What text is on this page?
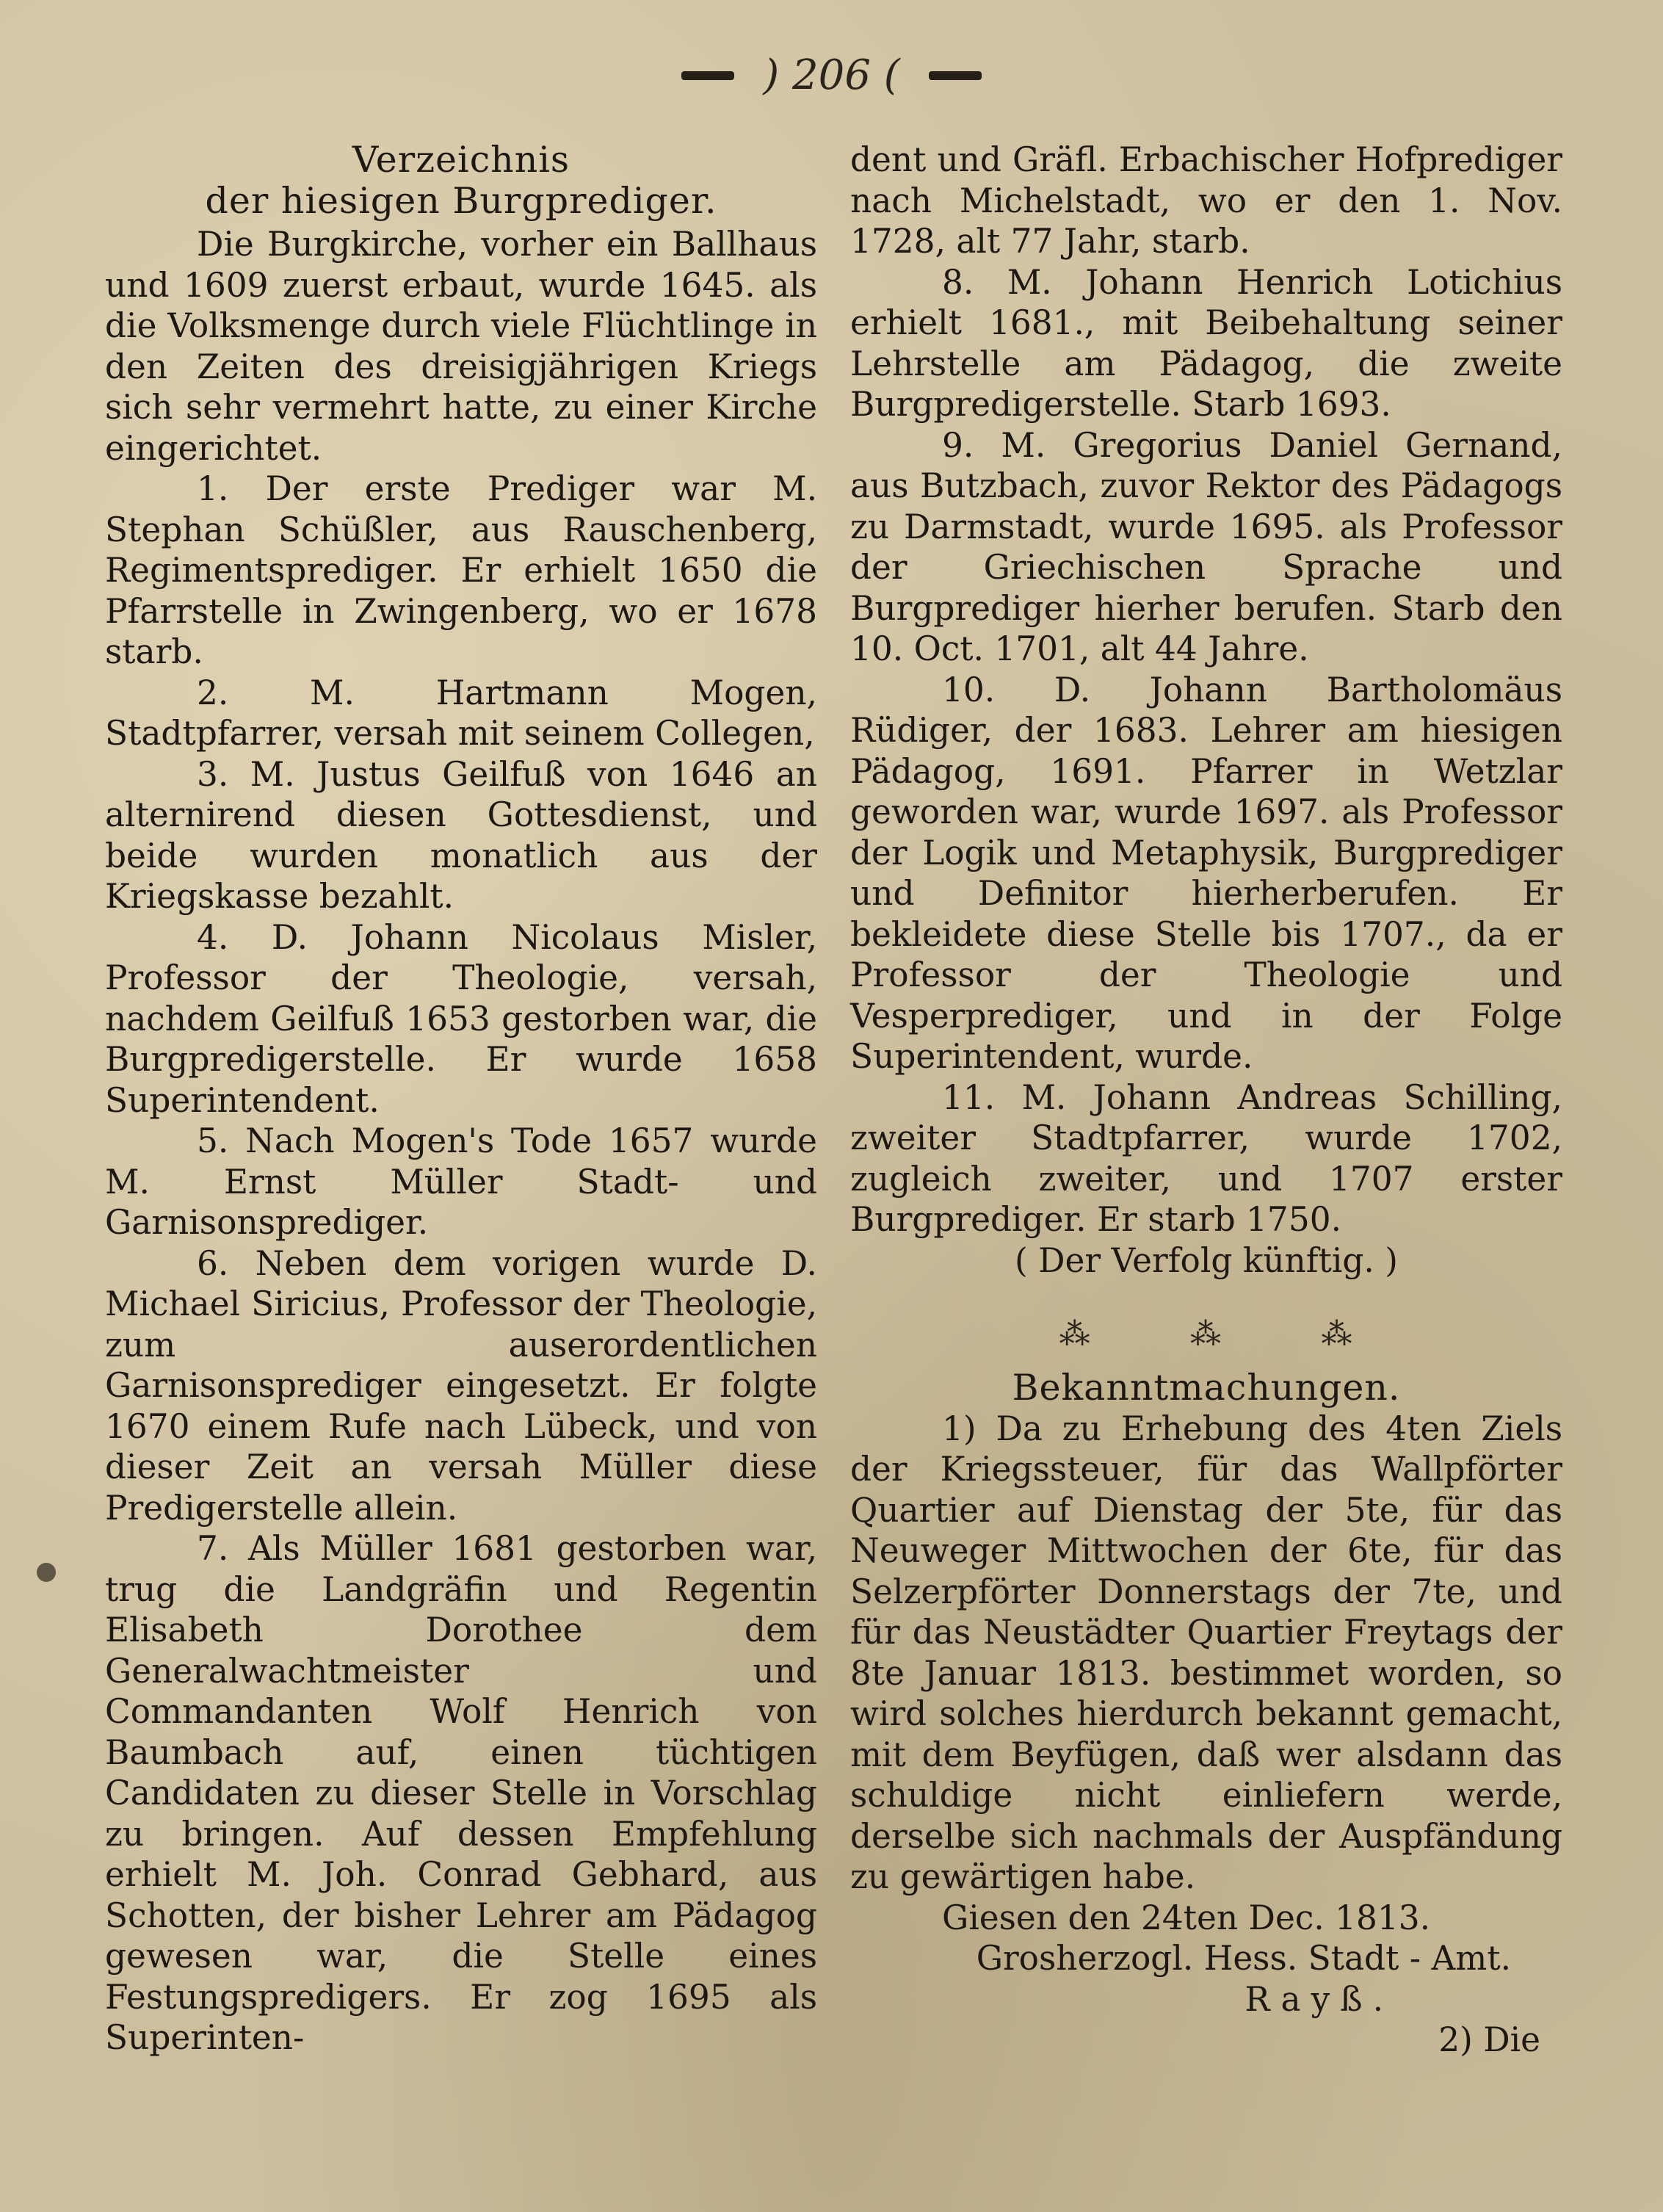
) 206 (

Verzeichnis

der hiesigen Burgprediger.

Die Burgkirche, vorher ein Ballhaus und 1609 zuerst erbaut, wurde 1645. als die Volksmenge durch viele Flüchtlinge in den Zeiten des dreisigjährigen Kriegs sich sehr vermehrt hatte, zu einer Kirche eingerichtet.

1. Der erste Prediger war M. Stephan Schüßler, aus Rauschenberg, Regimentsprediger. Er erhielt 1650 die Pfarrstelle in Zwingenberg, wo er 1678 starb.

2. M. Hartmann Mogen, Stadtpfarrer, versah mit seinem Collegen,

3. M. Justus Geilfuß von 1646 an alternirend diesen Gottesdienst, und beide wurden monatlich aus der Kriegskasse bezahlt.

4. D. Johann Nicolaus Misler, Professor der Theologie, versah, nachdem Geilfuß 1653 gestorben war, die Burgpredigerstelle. Er wurde 1658 Superintendent.

5. Nach Mogen's Tode 1657 wurde M. Ernst Müller Stadt- und Garnisonsprediger.

6. Neben dem vorigen wurde D. Michael Siricius, Professor der Theologie, zum auserordentlichen Garnisonsprediger eingesetzt. Er folgte 1670 einem Rufe nach Lübeck, und von dieser Zeit an versah Müller diese Predigerstelle allein.

7. Als Müller 1681 gestorben war, trug die Landgräfin und Regentin Elisabeth Dorothee dem Generalwachtmeister und Commandanten Wolf Henrich von Baumbach auf, einen tüchtigen Candidaten zu dieser Stelle in Vorschlag zu bringen. Auf dessen Empfehlung erhielt M. Joh. Conrad Gebhard, aus Schotten, der bisher Lehrer am Pädagog gewesen war, die Stelle eines Festungspredigers. Er zog 1695 als Superinten-

dent und Gräfl. Erbachischer Hofprediger nach Michelstadt, wo er den 1. Nov. 1728, alt 77 Jahr, starb.

8. M. Johann Henrich Lotichius erhielt 1681., mit Beibehaltung seiner Lehrstelle am Pädagog, die zweite Burgpredigerstelle. Starb 1693.

9. M. Gregorius Daniel Gernand, aus Butzbach, zuvor Rektor des Pädagogs zu Darmstadt, wurde 1695. als Professor der Griechischen Sprache und Burgprediger hierher berufen. Starb den 10. Oct. 1701, alt 44 Jahre.

10. D. Johann Bartholomäus Rüdiger, der 1683. Lehrer am hiesigen Pädagog, 1691. Pfarrer in Wetzlar geworden war, wurde 1697. als Professor der Logik und Metaphysik, Burgprediger und Definitor hierherberufen. Er bekleidete diese Stelle bis 1707., da er Professor der Theologie und Vesperprediger, und in der Folge Superintendent, wurde.

11. M. Johann Andreas Schilling, zweiter Stadtpfarrer, wurde 1702, zugleich zweiter, und 1707 erster Burgprediger. Er starb 1750.

( Der Verfolg künftig. )

⁂	⁂	⁂

Bekanntmachungen.

1) Da zu Erhebung des 4ten Ziels der Kriegssteuer, für das Wallpförter Quartier auf Dienstag der 5te, für das Neuweger Mittwochen der 6te, für das Selzerpförter Donnerstags der 7te, und für das Neustädter Quartier Freytags der 8te Januar 1813. bestimmet worden, so wird solches hierdurch bekannt gemacht, mit dem Beyfügen, daß wer alsdann das schuldige nicht einliefern werde, derselbe sich nachmals der Auspfändung zu gewärtigen habe.

Giesen den 24ten Dec. 1813.

Grosherzogl. Hess. Stadt - Amt.

Rayß.

2) Die
